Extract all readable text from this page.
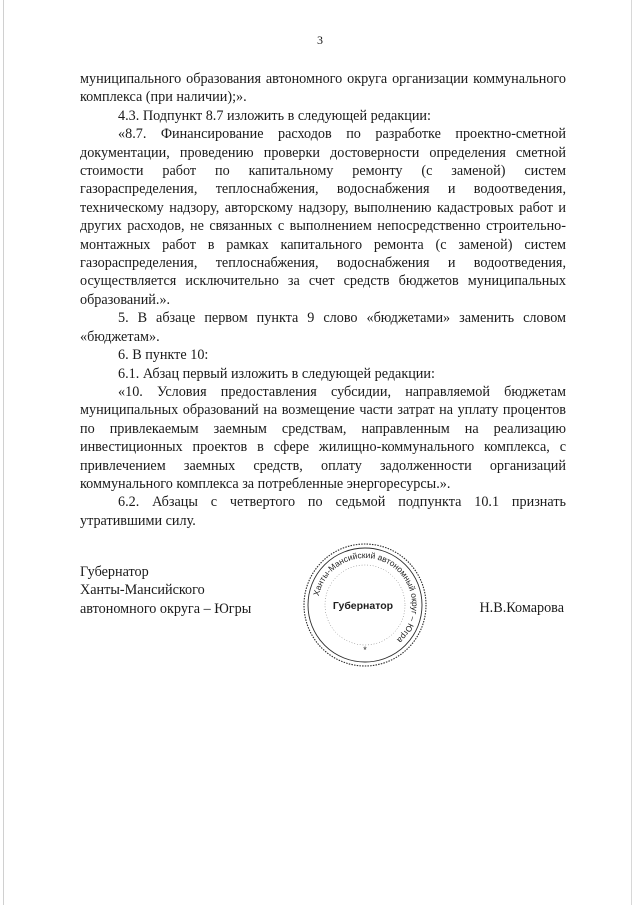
3

муниципального образования автономного округа организации коммунального комплекса (при наличии);».

4.3. Подпункт 8.7 изложить в следующей редакции:

«8.7. Финансирование расходов по разработке проектно-сметной документации, проведению проверки достоверности определения сметной стоимости работ по капитальному ремонту (с заменой) систем газораспределения, теплоснабжения, водоснабжения и водоотведения, техническому надзору, авторскому надзору, выполнению кадастровых работ и других расходов, не связанных с выполнением непосредственно строительно-монтажных работ в рамках капитального ремонта (с заменой) систем газораспределения, теплоснабжения, водоснабжения и водоотведения, осуществляется исключительно за счет средств бюджетов муниципальных образований.».

5. В абзаце первом пункта 9 слово «бюджетами» заменить словом «бюджетам».

6. В пункте 10:

6.1. Абзац первый изложить в следующей редакции:

«10. Условия предоставления субсидии, направляемой бюджетам муниципальных образований на возмещение части затрат на уплату процентов по привлекаемым заемным средствам, направленным на реализацию инвестиционных проектов в сфере жилищно-коммунального комплекса, с привлечением заемных средств, оплату задолженности организаций коммунального комплекса за потребленные энергоресурсы.».

6.2. Абзацы с четвертого по седьмой подпункта 10.1 признать утратившими силу.

Губернатор
Ханты-Мансийского
автономного округа – Югры
Ханты-Мансийский автономный округ – Югра
Губернатор
*
Н.В.Комарова
